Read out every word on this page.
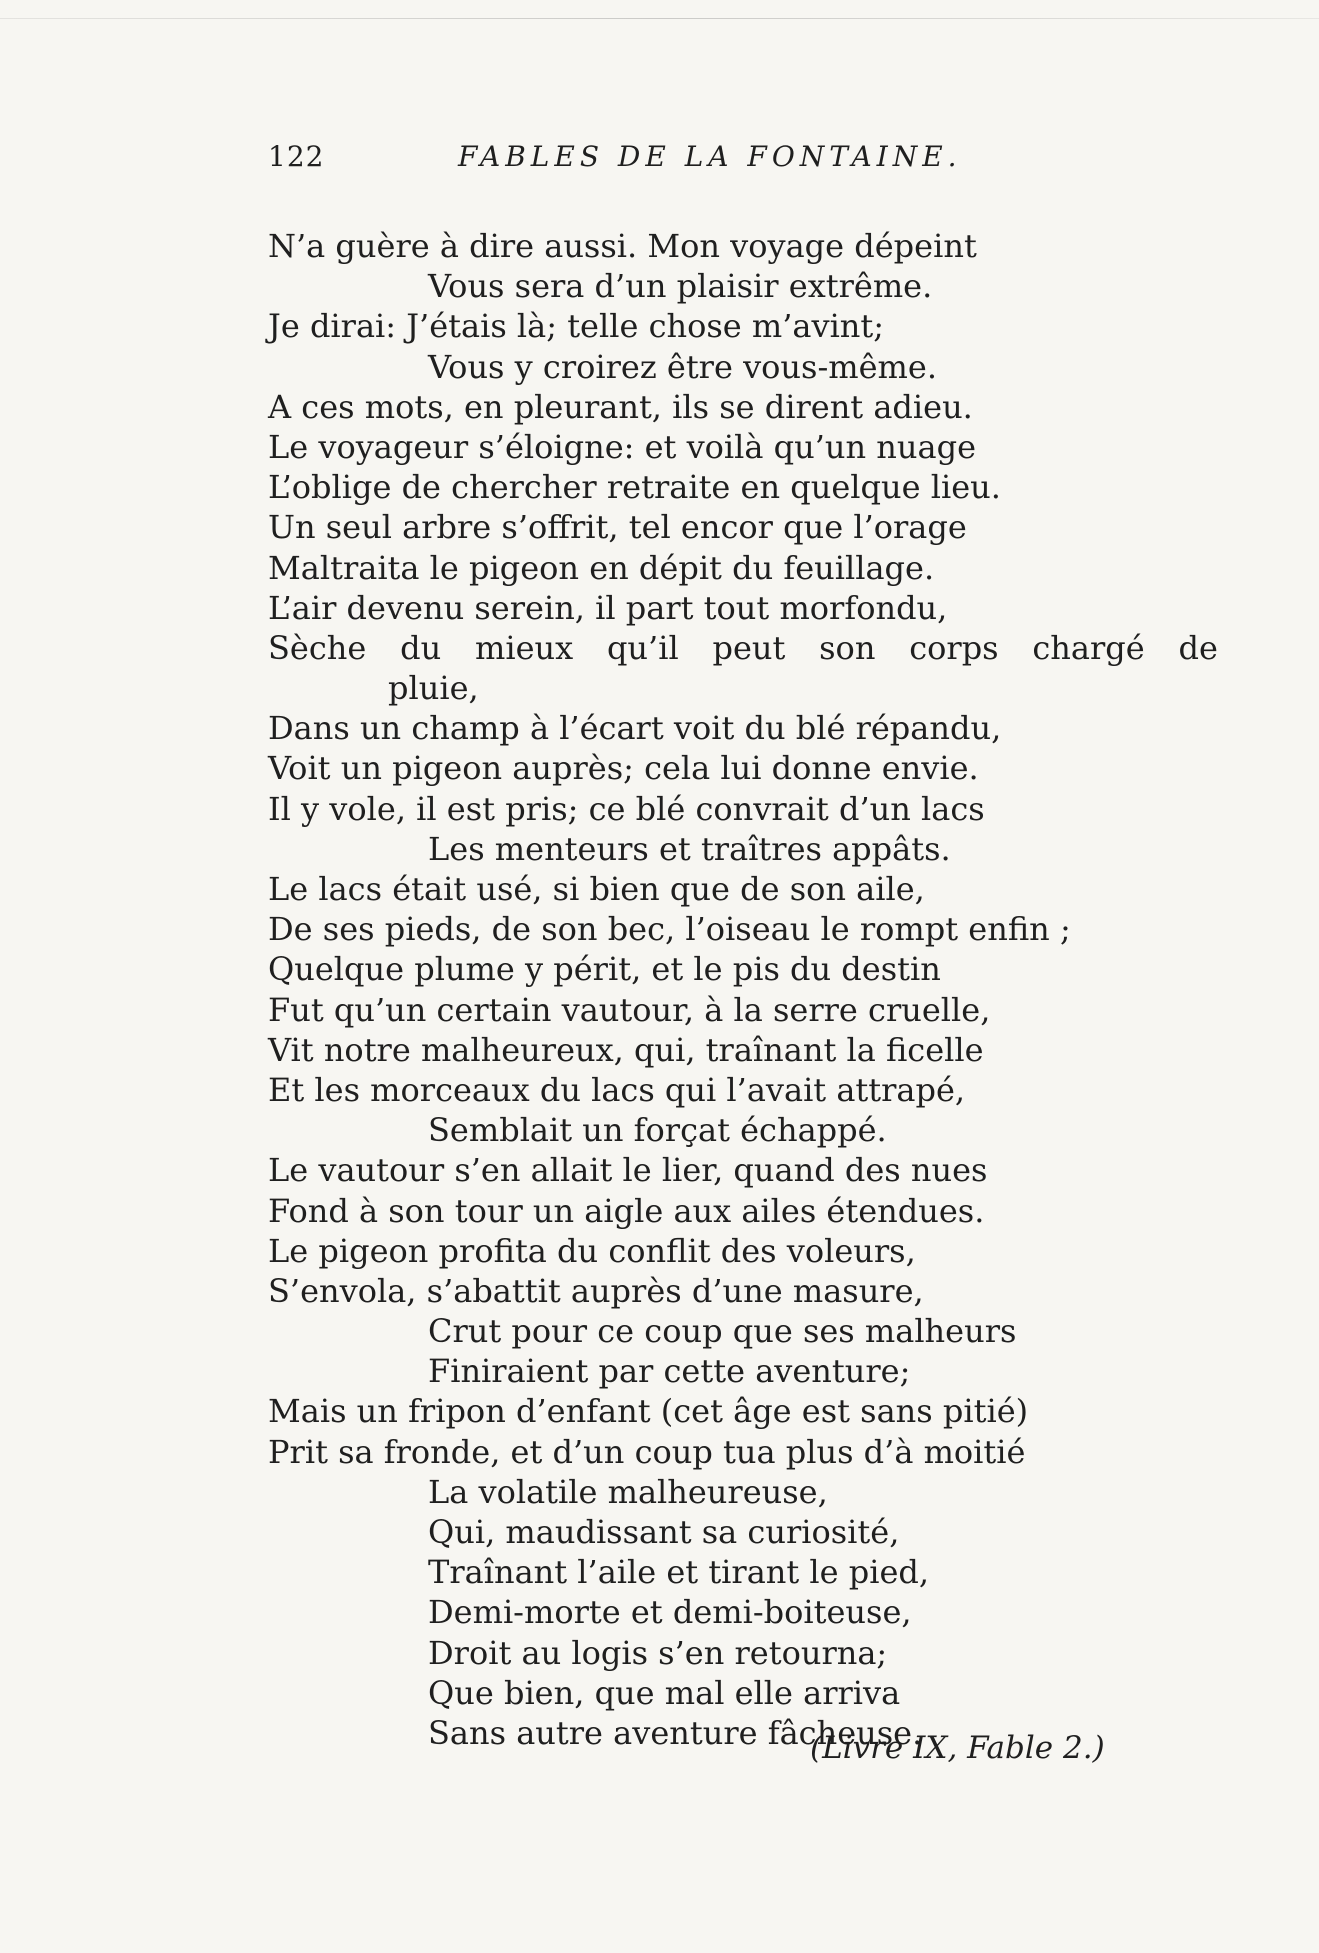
122	FABLES DE LA FONTAINE.
N’a guère à dire aussi. Mon voyage dépeint
Vous sera d’un plaisir extrême.
Je dirai: J’étais là; telle chose m’avint;
Vous y croirez être vous-même.
A ces mots, en pleurant, ils se dirent adieu.
Le voyageur s’éloigne: et voilà qu’un nuage
L’oblige de chercher retraite en quelque lieu.
Un seul arbre s’offrit, tel encor que l’orage
Maltraita le pigeon en dépit du feuillage.
L’air devenu serein, il part tout morfondu,
Sèche du mieux qu’il peut son corps chargé de
pluie,
Dans un champ à l’écart voit du blé répandu,
Voit un pigeon auprès; cela lui donne envie.
Il y vole, il est pris; ce blé convrait d’un lacs
Les menteurs et traîtres appâts.
Le lacs était usé, si bien que de son aile,
De ses pieds, de son bec, l’oiseau le rompt enfin ;
Quelque plume y périt, et le pis du destin
Fut qu’un certain vautour, à la serre cruelle,
Vit notre malheureux, qui, traînant la ficelle
Et les morceaux du lacs qui l’avait attrapé,
Semblait un forçat échappé.
Le vautour s’en allait le lier, quand des nues
Fond à son tour un aigle aux ailes étendues.
Le pigeon profita du conflit des voleurs,
S’envola, s’abattit auprès d’une masure,
Crut pour ce coup que ses malheurs
Finiraient par cette aventure;
Mais un fripon d’enfant (cet âge est sans pitié)
Prit sa fronde, et d’un coup tua plus d’à moitié
La volatile malheureuse,
Qui, maudissant sa curiosité,
Traînant l’aile et tirant le pied,
Demi-morte et demi-boiteuse,
Droit au logis s’en retourna;
Que bien, que mal elle arriva
Sans autre aventure fâcheuse.
(Livre IX, Fable 2.)
